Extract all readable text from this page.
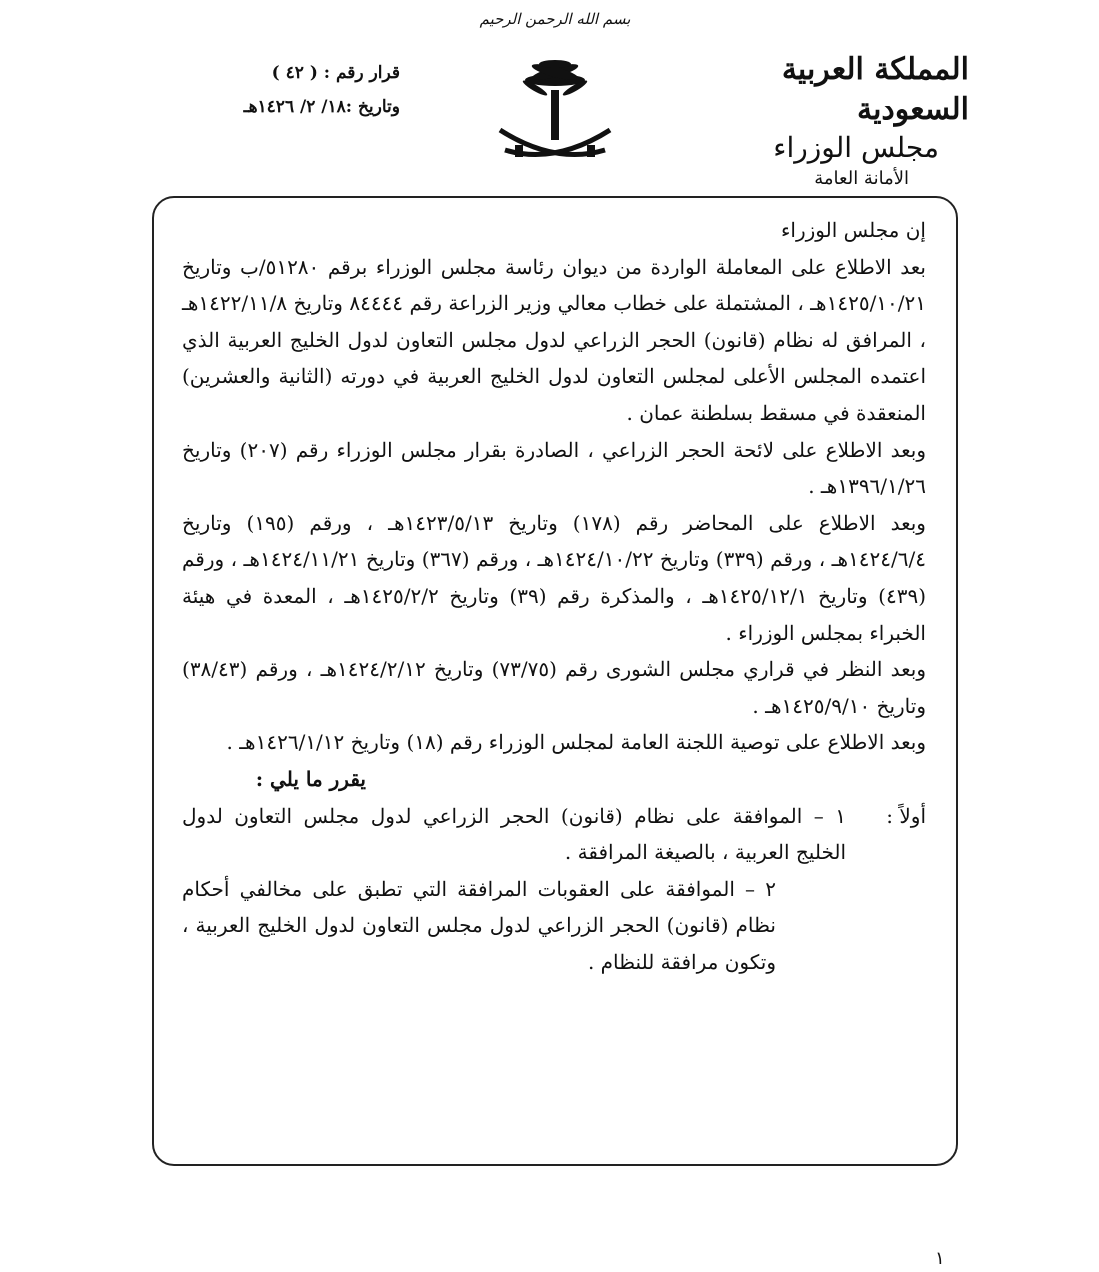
بسم الله الرحمن الرحيم
المملكة العربية السعودية
مجلس الوزراء
الأمانة العامة
قرار رقم : ( ٤٢ )
وتاريخ :١٨/ ٢/ ١٤٢٦هـ

إن مجلس الوزراء

بعد الاطلاع على المعاملة الواردة من ديوان رئاسة مجلس الوزراء برقم ٥١٢٨٠/ب وتاريخ ١٤٢٥/١٠/٢١هـ ، المشتملة على خطاب معالي وزير الزراعة رقم ٨٤٤٤٤ وتاريخ ١٤٢٢/١١/٨هـ ، المرافق له نظام (قانون) الحجر الزراعي لدول مجلس التعاون لدول الخليج العربية الذي اعتمده المجلس الأعلى لمجلس التعاون لدول الخليج العربية في دورته (الثانية والعشرين) المنعقدة في مسقط بسلطنة عمان .

وبعد الاطلاع على لائحة الحجر الزراعي ، الصادرة بقرار مجلس الوزراء رقم (٢٠٧) وتاريخ ١٣٩٦/١/٢٦هـ .

وبعد الاطلاع على المحاضر رقم (١٧٨) وتاريخ ١٤٢٣/٥/١٣هـ ، ورقم (١٩٥) وتاريخ ١٤٢٤/٦/٤هـ ، ورقم (٣٣٩) وتاريخ ١٤٢٤/١٠/٢٢هـ ، ورقم (٣٦٧) وتاريخ ١٤٢٤/١١/٢١هـ ، ورقم (٤٣٩) وتاريخ ١٤٢٥/١٢/١هـ ، والمذكرة رقم (٣٩) وتاريخ ١٤٢٥/٢/٢هـ ، المعدة في هيئة الخبراء بمجلس الوزراء .

وبعد النظر في قراري مجلس الشورى رقم (٧٣/٧٥) وتاريخ ١٤٢٤/٢/١٢هـ ، ورقم (٣٨/٤٣) وتاريخ ١٤٢٥/٩/١٠هـ .

وبعد الاطلاع على توصية اللجنة العامة لمجلس الوزراء رقم (١٨) وتاريخ ١٤٢٦/١/١٢هـ .

يقرر ما يلي :

أولاً :
١ – الموافقة على نظام (قانون) الحجر الزراعي لدول مجلس التعاون لدول الخليج العربية ، بالصيغة المرافقة .

٢ – الموافقة على العقوبات المرافقة التي تطبق على مخالفي أحكام نظام (قانون) الحجر الزراعي لدول مجلس التعاون لدول الخليج العربية ، وتكون مرافقة للنظام .

١
